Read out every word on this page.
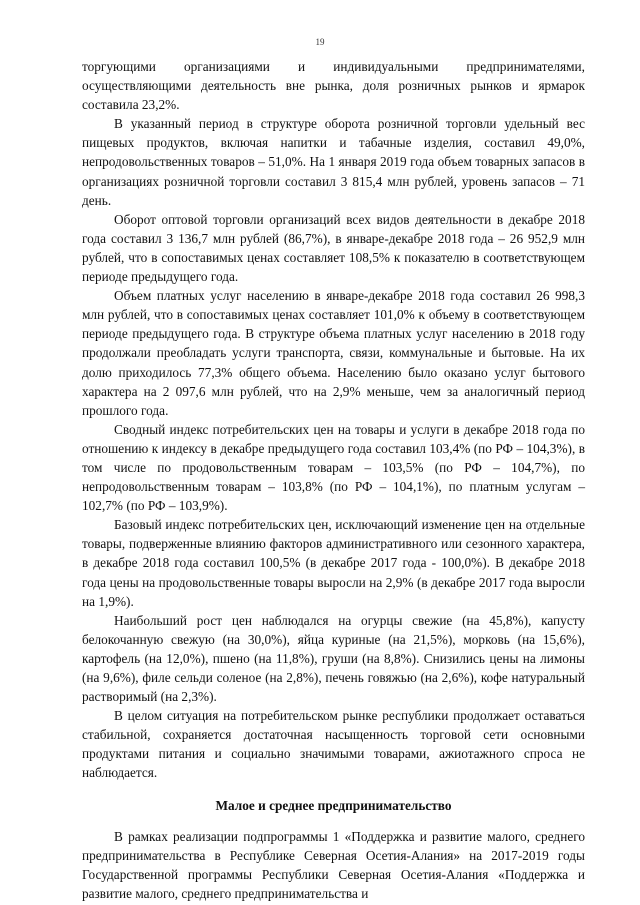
19

торгующими организациями и индивидуальными предпринимателями, осуществляющими деятельность вне рынка, доля розничных рынков и ярмарок составила 23,2%.

В указанный период в структуре оборота розничной торговли удельный вес пищевых продуктов, включая напитки и табачные изделия, составил 49,0%, непродовольственных товаров – 51,0%. На 1 января 2019 года объем товарных запасов в организациях розничной торговли составил 3 815,4 млн рублей, уровень запасов – 71 день.

Оборот оптовой торговли организаций всех видов деятельности в декабре 2018 года составил 3 136,7 млн рублей (86,7%), в январе-декабре 2018 года – 26 952,9 млн рублей, что в сопоставимых ценах составляет 108,5% к показателю в соответствующем периоде предыдущего года.

Объем платных услуг населению в январе-декабре 2018 года составил 26 998,3 млн рублей, что в сопоставимых ценах составляет 101,0% к объему в соответствующем периоде предыдущего года. В структуре объема платных услуг населению в 2018 году продолжали преобладать услуги транспорта, связи, коммунальные и бытовые. На их долю приходилось 77,3% общего объема. Населению было оказано услуг бытового характера на 2 097,6 млн рублей, что на 2,9% меньше, чем за аналогичный период прошлого года.

Сводный индекс потребительских цен на товары и услуги в декабре 2018 года по отношению к индексу в декабре предыдущего года составил 103,4% (по РФ – 104,3%), в том числе по продовольственным товарам – 103,5% (по РФ – 104,7%), по непродовольственным товарам – 103,8% (по РФ – 104,1%), по платным услугам – 102,7% (по РФ – 103,9%).

Базовый индекс потребительских цен, исключающий изменение цен на отдельные товары, подверженные влиянию факторов административного или сезонного характера, в декабре 2018 года составил 100,5% (в декабре 2017 года - 100,0%). В декабре 2018 года цены на продовольственные товары выросли на 2,9% (в декабре 2017 года выросли на 1,9%).

Наибольший рост цен наблюдался на огурцы свежие (на 45,8%), капусту белокочанную свежую (на 30,0%), яйца куриные (на 21,5%), морковь (на 15,6%), картофель (на 12,0%), пшено (на 11,8%), груши (на 8,8%). Снизились цены на лимоны (на 9,6%), филе сельди соленое (на 2,8%), печень говяжью (на 2,6%), кофе натуральный растворимый (на 2,3%).

В целом ситуация на потребительском рынке республики продолжает оставаться стабильной, сохраняется достаточная насыщенность торговой сети основными продуктами питания и социально значимыми товарами, ажиотажного спроса не наблюдается.

Малое и среднее предпринимательство

В рамках реализации подпрограммы 1 «Поддержка и развитие малого, среднего предпринимательства в Республике Северная Осетия-Алания» на 2017-2019 годы Государственной программы Республики Северная Осетия-Алания «Поддержка и развитие малого, среднего предпринимательства и
